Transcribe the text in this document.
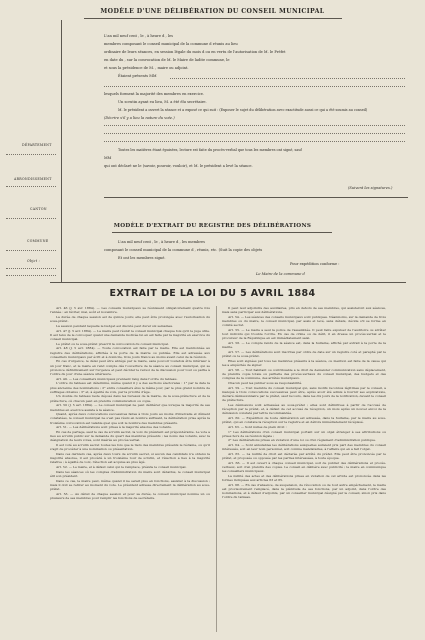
MODÈLE D'UNE DÉLIBÉRATION DU CONSEIL MUNICIPAL
DÉPARTEMENT
ARRONDISSEMENT
CANTON
COMMUNE
Objet :
L'an mil neuf cent , le , à heure d , les
membres composant le conseil municipal de la commune d réunis au lieu
ordinaire de leurs séances, en session légale du mois d ou en vertu de l'autorisation de M. le Préfet
en date du , sur la convocation de M. le Maire de ladite commune, le
et sous la présidence de M. , maire ou adjoint.
Étaient présents MM
lesquels forment la majorité des membres en exercice.
Un scrutin ayant eu lieu, M. a été élu secrétaire.
M. le président a ouvert la séance et a exposé ce qui suit : (Exposer le sujet du délibération avec exactitude aussi ce qui a été soumis au conseil)
(Décrire s'il y a lieu la nature du vote.)
Toutes les matières étant épuisées, lecture est faite du procès-verbal que tous les membres ont signé, sauf
MM
qui ont déclaré ne le (savoir, pouvoir, vouloir), et M. le président a levé la séance.
(Suivent les signatures.)
MODÈLE D'EXTRAIT DU REGISTRE DES DÉLIBÉRATIONS
L'an mil neuf cent , le , à heure d , les membres
composant le conseil municipal de la commune d , réunis, etc. (Suit la copie des objets
Et ont les membres signé.
Pour expédition conforme :
Le Maire de la commune d
EXTRAIT DE LA LOI DU 5 AVRIL 1884

Art. 46 (J. 5 avr. 1884). — Les conseils municipaux se réunissent obligatoirement quatre fois l'année : en février, mai, août et novembre.

La durée de chaque session est de quinze jours; elle peut être prolongée avec l'autorisation du sous-préfet.

La session pendant laquelle le budget est discuté peut durer six semaines.

Art. 47 (J. 5 avr. 1884). — Le maire peut réunir le conseil municipal chaque fois qu'il le juge utile. Il est tenu de le convoquer quand une demande motivée lui en est faite par la majorité en exercice du conseil municipal.

Le préfet ou le sous-préfet prescrit la convocation du conseil municipal.

Art. 48 (J. 5 avr. 1884). — Toute convocation est faite par le maire. Elle est mentionnée au registre des délibérations, affichée à la porte de la mairie ou publiée. Elle est adressée aux conseillers municipaux par écrit et à domicile, trois jours francs au moins avant celui de la réunion.

En cas d'urgence, le délai peut être abrégé par le maire, sans pouvoir toutefois être inférieur à un jour franc, et le maire en rend compte dès l'ouverture de la séance au conseil municipal, qui se prononce définitivement sur l'urgence et peut décider le renvoi de la discussion pour tout ou partie à l'ordre du jour d'une séance ultérieure.

Art. 49. — Les conseillers municipaux prennent rang dans l'ordre du tableau.

L'ordre du tableau est déterminé, même quand il y a des sections électorales : 1° par la date la plus ancienne des nominations ; 2° entre conseillers élus le même jour, par le plus grand nombre de suffrages obtenus ; 3° et, à égalité de voix, par la priorité d'âge.

Un double du tableau reste déposé dans les bureaux de la mairie, de la sous-préfecture et de la préfecture, où chacun peut en prendre communication ou copie.

Art. 50 (J. 5 avr. 1884). — Le conseil municipal ne peut délibérer que lorsque la majorité de ses membres en exercice assiste à la séance.

Quand, après deux convocations successives faites à trois jours au moins d'intervalle et dûment constatées, le conseil municipal ne s'est pas réuni en nombre suffisant, la délibération prise après la troisième convocation est valable quel que soit le nombre des membres présents.

Art. 51. — Les délibérations sont prises à la majorité absolue des votants.

En cas de partage, sauf le cas de scrutin secret, la voix du président est prépondérante. Le vote a lieu au scrutin public sur la demande du quart des membres présents ; les noms des votants, avec la désignation de leurs votes, sont insérés au procès-verbal.

Il est voté au scrutin secret toutes les fois que le tiers des membres présents le réclame, ou qu'il s'agit de procéder à une nomination ou présentation.

Dans ces derniers cas, après deux tours de scrutin secret, si aucun des candidats n'a obtenu la majorité absolue, il est procédé à un troisième tour de scrutin, et l'élection a lieu à la majorité relative ; à égalité de voix, l'élection est acquise au plus âgé.

Art. 52. — Le maire, et à défaut celui qui le remplace, préside le conseil municipal.

Dans les séances où les comptes d'administration du maire sont débattus, le conseil municipal élit son président.

Dans ce cas, le maire peut, même quand il ne serait plus en fonctions, assister à la discussion ; mais il doit se retirer au moment du vote. Le président adresse directement la délibération au sous-préfet.

Art. 53. — Au début de chaque session et pour sa durée, le conseil municipal nomme un ou plusieurs de ses membres pour remplir les fonctions de secrétaire.

Il peut leur adjoindre des auxiliaires, pris en dehors de ses membres, qui assisteront aux séances, mais sans participer aux délibérations.

Art. 54. — Les séances des conseils municipaux sont publiques. Néanmoins, sur la demande de trois membres ou du maire, le conseil municipal, par assis et levé, sans débats, décide s'il se forme en comité secret.

Art. 55. — Le maire a seul la police de l'assemblée. Il peut faire expulser de l'auditoire ou arrêter tout individu qui trouble l'ordre. En cas de crime ou de délit, il en dresse un procès-verbal et le procureur de la République en est immédiatement saisi.

Art. 56. — Le compte rendu de la séance est, dans la huitaine, affiché par extrait à la porte de la mairie.

Art. 57. — Les délibérations sont inscrites par ordre de date sur un registre coté et paraphé par le préfet ou le sous-préfet.

Elles sont signées par tous les membres présents à la séance, ou mention est faite de la cause qui les a empêchés de signer.

Art. 58. — Tout habitant ou contribuable a le droit de demander communication sans déplacement, de prendre copie totale ou partielle des procès-verbaux du conseil municipal, des budgets et des comptes de la commune, des arrêtés municipaux.

Chacun peut les publier sous sa responsabilité.

Art. 59. — Tout membre du conseil municipal qui, sans motifs reconnus légitimes par le conseil, a manqué à trois convocations successives peut être, après avoir été admis à fournir ses explications, déclaré démissionnaire par le préfet, sauf recours, dans les dix jours de la notification, devant le conseil de préfecture.

Les démissions sont adressées au sous-préfet ; elles sont définitives à partir de l'accusé de réception par le préfet, et, à défaut de cet accusé de réception, un mois après un nouvel envoi de la démission constaté par lettre recommandée.

Art. 60. — Expédition de toute délibération est adressée, dans la huitaine, par le maire au sous-préfet, qui en constate la réception sur le registre et en délivre immédiatement récépissé.

Art. 63. — Sont nulles de plein droit :

1° Les délibérations d'un conseil municipal portant sur un objet étranger à ses attributions ou prises hors de sa réunion légale ;

2° Les délibérations prises en violation d'une loi ou d'un règlement d'administration publique.

Art. 64. — Sont annulables les délibérations auxquelles auraient pris part des membres du conseil intéressés, soit en leur nom personnel, soit comme mandataires, à l'affaire qui en a fait l'objet.

Art. 65. — La nullité de droit est déclarée par arrêté du préfet. Elle peut être prononcée par le préfet, et proposée ou opposée par les parties intéressées, à toute époque.

Art. 66. — Il est ouvert à chaque conseil municipal, soit de publier des délibérations et procès-verbaux, soit d'en prendre des copies. Le conseil en délibère avec publicité ; le maire en communique les conseillers municipaux.

La nullité des actes et des délibérations prises en violation de cet article est prononcée dans les formes indiquées aux articles 63 et 65.

Art. 68. — En cas d'absence, de suspension, de révocation ou de tout autre empêchement, le maire est provisoirement remplacé, dans la plénitude de ses fonctions, par un adjoint, dans l'ordre des nominations, et à défaut d'adjoints, par un conseiller municipal désigné par le conseil, sinon pris dans l'ordre du tableau.
